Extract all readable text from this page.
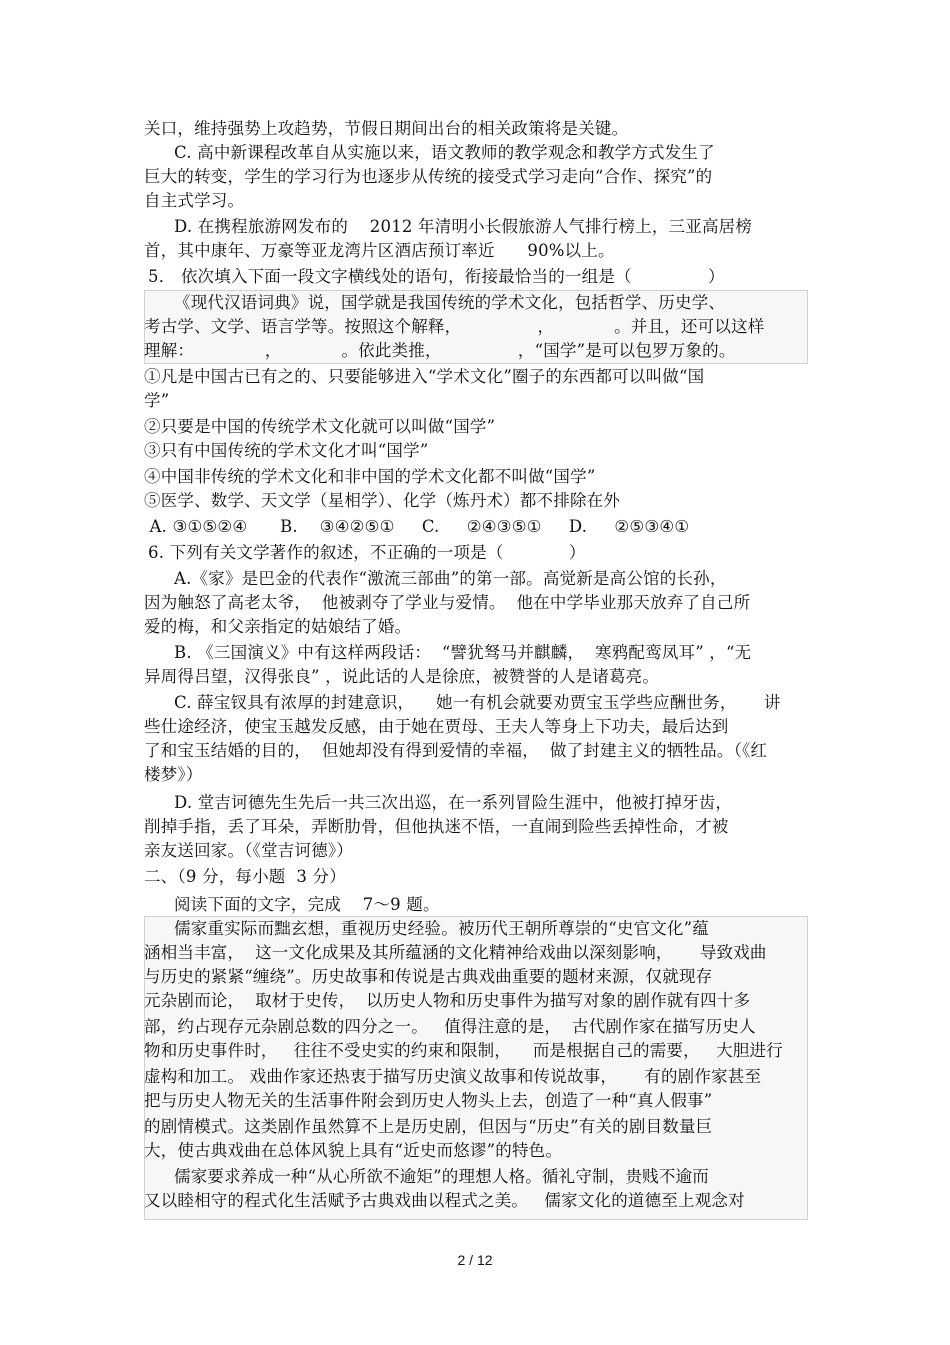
关口，维持强势上攻趋势，节假日期间出台的相关政策将是关键。
C. 高中新课程改革自从实施以来，语文教师的教学观念和教学方式发生了
巨大的转变，学生的学习行为也逐步从传统的接受式学习走向“合作、探究”的
自主式学习。
D. 在携程旅游网发布的    2012 年清明小长假旅游人气排行榜上，三亚高居榜
首，其中康年、万豪等亚龙湾片区酒店预订率近      90%以上。
5． 依次填入下面一段文字横线处的语句，衔接最恰当的一组是（              ）
《现代汉语词典》说，国学就是我国传统的学术文化，包括哲学、历史学、
考古学、文学、语言学等。按照这个解释，              ，           。并且，还可以这样
理解：             ，           。依此类推，              ，“国学”是可以包罗万象的。
①凡是中国古已有之的、只要能够进入“学术文化”圈子的东西都可以叫做“国
学”
②只要是中国的传统学术文化就可以叫做“国学”
③只有中国传统的学术文化才叫“国学”
④中国非传统的学术文化和非中国的学术文化都不叫做“国学”
⑤医学、数学、天文学（星相学）、化学（炼丹术）都不排除在外
A. ③①⑤②④      B.    ③④②⑤①     C.     ②④③⑤①     D.     ②⑤③④①
6. 下列有关文学著作的叙述，不正确的一项是（            ）
A.《家》是巴金的代表作“激流三部曲”的第一部。高觉新是高公馆的长孙，
因为触怒了高老太爷，  他被剥夺了学业与爱情。  他在中学毕业那天放弃了自己所
爱的梅，和父亲指定的姑娘结了婚。
B. 《三国演义》中有这样两段话：  “譬犹驽马并麒麟，  寒鸦配鸾凤耳” ，“无
异周得吕望，汉得张良” ，说此话的人是徐庶，被赞誉的人是诸葛亮。
C. 薛宝钗具有浓厚的封建意识，    她一有机会就要劝贾宝玉学些应酬世务，     讲
些仕途经济，使宝玉越发反感，由于她在贾母、王夫人等身上下功夫，最后达到
了和宝玉结婚的目的，  但她却没有得到爱情的幸福，  做了封建主义的牺牲品。（《红
楼梦》）
D. 堂吉诃德先生先后一共三次出巡，在一系列冒险生涯中，他被打掉牙齿，
削掉手指，丢了耳朵，弄断肋骨，但他执迷不悟，一直闹到险些丢掉性命，才被
亲友送回家。（《堂吉诃德》）
二、（9 分，每小题  3 分）
阅读下面的文字，完成    7～9 题。
儒家重实际而黜玄想，重视历史经验。被历代王朝所尊崇的“史官文化”蕴
涵相当丰富，  这一文化成果及其所蕴涵的文化精神给戏曲以深刻影响，     导致戏曲
与历史的紧紧“缠绕”。历史故事和传说是古典戏曲重要的题材来源，仅就现存
元杂剧而论，  取材于史传，  以历史人物和历史事件为描写对象的剧作就有四十多
部，约占现存元杂剧总数的四分之一。   值得注意的是，  古代剧作家在描写历史人
物和历史事件时，   往往不受史实的约束和限制，    而是根据自己的需要，   大胆进行
虚构和加工。 戏曲作家还热衷于描写历史演义故事和传说故事，     有的剧作家甚至
把与历史人物无关的生活事件附会到历史人物头上去，创造了一种“真人假事”
的剧情模式。这类剧作虽然算不上是历史剧，但因与“历史”有关的剧目数量巨
大，使古典戏曲在总体风貌上具有“近史而悠谬”的特色。
儒家要求养成一种“从心所欲不逾矩”的理想人格。循礼守制，贵贱不逾而
又以睦相守的程式化生活赋予古典戏曲以程式之美。   儒家文化的道德至上观念对
2 / 12
